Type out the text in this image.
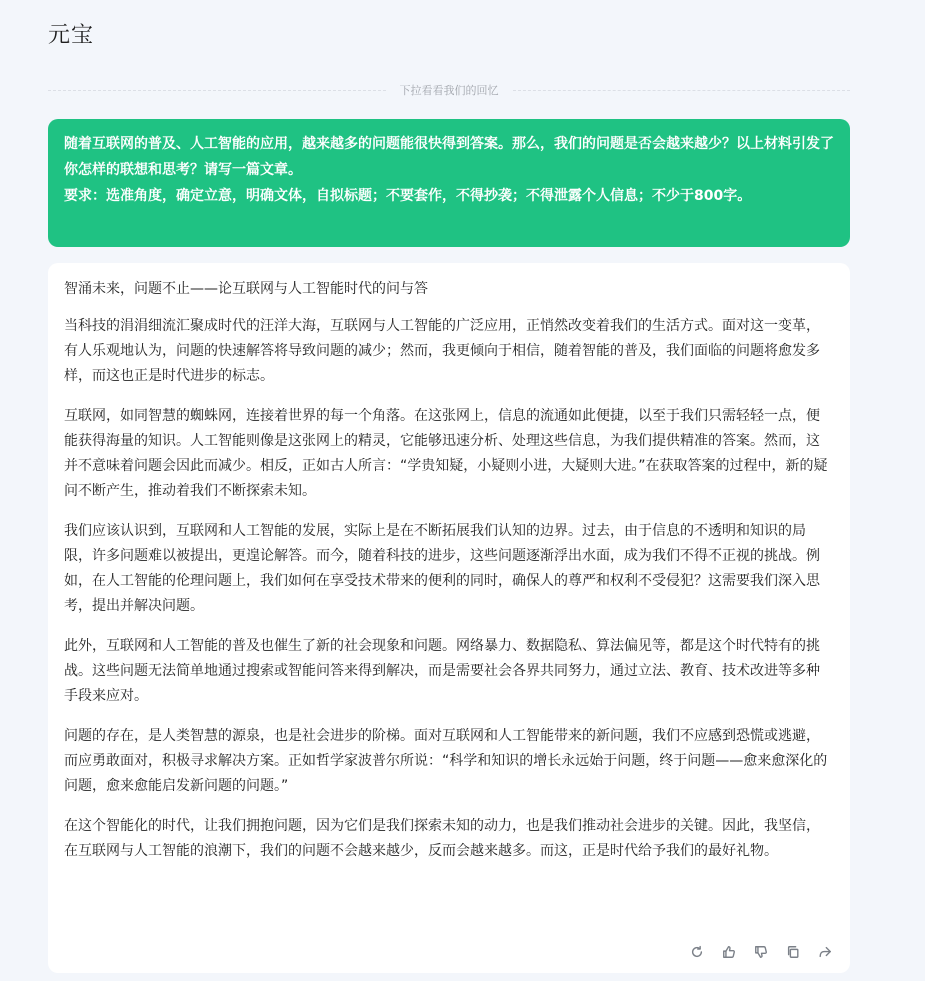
元宝
下拉看看我们的回忆

随着互联网的普及、人工智能的应用，越来越多的问题能很快得到答案。那么，我们的问题是否会越来越少？以上材料引发了你怎样的联想和思考？请写一篇文章。

要求：选准角度，确定立意，明确文体，自拟标题；不要套作，不得抄袭；不得泄露个人信息；不少于800字。

智涌未来，问题不止——论互联网与人工智能时代的问与答

当科技的涓涓细流汇聚成时代的汪洋大海，互联网与人工智能的广泛应用，正悄然改变着我们的生活方式。面对这一变革，有人乐观地认为，问题的快速解答将导致问题的减少；然而，我更倾向于相信，随着智能的普及，我们面临的问题将愈发多样，而这也正是时代进步的标志。

互联网，如同智慧的蜘蛛网，连接着世界的每一个角落。在这张网上，信息的流通如此便捷，以至于我们只需轻轻一点，便能获得海量的知识。人工智能则像是这张网上的精灵，它能够迅速分析、处理这些信息，为我们提供精准的答案。然而，这并不意味着问题会因此而减少。相反，正如古人所言：“学贵知疑，小疑则小进，大疑则大进。”在获取答案的过程中，新的疑问不断产生，推动着我们不断探索未知。

我们应该认识到，互联网和人工智能的发展，实际上是在不断拓展我们认知的边界。过去，由于信息的不透明和知识的局限，许多问题难以被提出，更遑论解答。而今，随着科技的进步，这些问题逐渐浮出水面，成为我们不得不正视的挑战。例如，在人工智能的伦理问题上，我们如何在享受技术带来的便利的同时，确保人的尊严和权利不受侵犯？这需要我们深入思考，提出并解决问题。

此外，互联网和人工智能的普及也催生了新的社会现象和问题。网络暴力、数据隐私、算法偏见等，都是这个时代特有的挑战。这些问题无法简单地通过搜索或智能问答来得到解决，而是需要社会各界共同努力，通过立法、教育、技术改进等多种手段来应对。

问题的存在，是人类智慧的源泉，也是社会进步的阶梯。面对互联网和人工智能带来的新问题，我们不应感到恐慌或逃避，而应勇敢面对，积极寻求解决方案。正如哲学家波普尔所说：“科学和知识的增长永远始于问题，终于问题——愈来愈深化的问题，愈来愈能启发新问题的问题。”

在这个智能化的时代，让我们拥抱问题，因为它们是我们探索未知的动力，也是我们推动社会进步的关键。因此，我坚信，在互联网与人工智能的浪潮下，我们的问题不会越来越少，反而会越来越多。而这，正是时代给予我们的最好礼物。
